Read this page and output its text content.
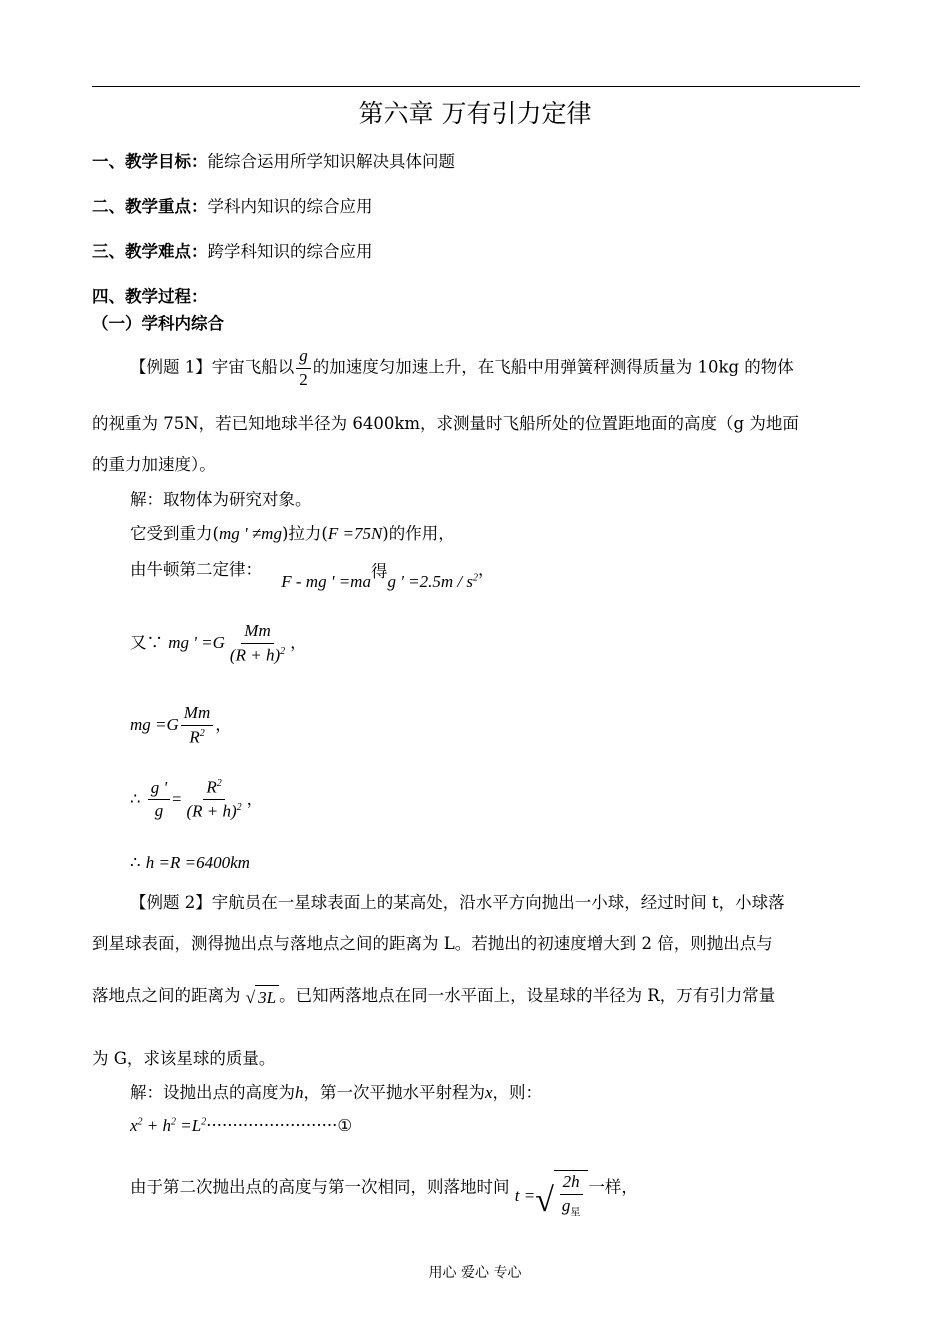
第六章 万有引力定律
一、教学目标：能综合运用所学知识解决具体问题
二、教学重点：学科内知识的综合应用
三、教学难点：跨学科知识的综合应用
四、教学过程：
（一）学科内综合
【例题 1】宇宙飞船以 $\frac{g}{2}$ 的加速度匀加速上升，在飞船中用弹簧秤测得质量为 10kg 的物体
的视重为 75N，若已知地球半径为 6400km，求测量时飞船所处的位置距地面的高度（g 为地面
的重力加速度）。
解：取物体为研究对象。
它受到重力(mg ' ≠mg)拉力(F =75N)的作用，
由牛顿第二定律： F - mg ' =ma得g ' $=2.5m / s^2$，
又∵ mg ' $=G \frac{Mm}{(R + h)^2}$ ，
mg $=G \frac{Mm}{R^2}$ ，
∴ $\frac{g '}{g} = \frac{R^2}{(R + h)^2}$ ，
∴ h =R =6400km
【例题 2】宇航员在一星球表面上的某高处，沿水平方向抛出一小球，经过时间 t，小球落
到星球表面，测得抛出点与落地点之间的距离为 L。若抛出的初速度增大到 2 倍，则抛出点与
落地点之间的距离为 √ 3L 。已知两落地点在同一水平面上，设星球的半径为 R，万有引力常量
为 G，求该星球的质量。
解：设抛出点的高度为h，第一次平抛水平射程为x，则：
$x^2 + h^2$ $=L^2\cdot\cdot\cdot\cdot\cdot\cdot\cdot\cdot\cdot\cdot\cdot\cdot\cdot\cdot\cdot\cdot\cdot\cdot\cdot\cdot\cdot\cdot\cdot\cdot\cdot ①$
由于第二次抛出点的高度与第一次相同，则落地时间 t = √ $\frac{2h}{g_星}$ 一样，
用心 爱心 专心
